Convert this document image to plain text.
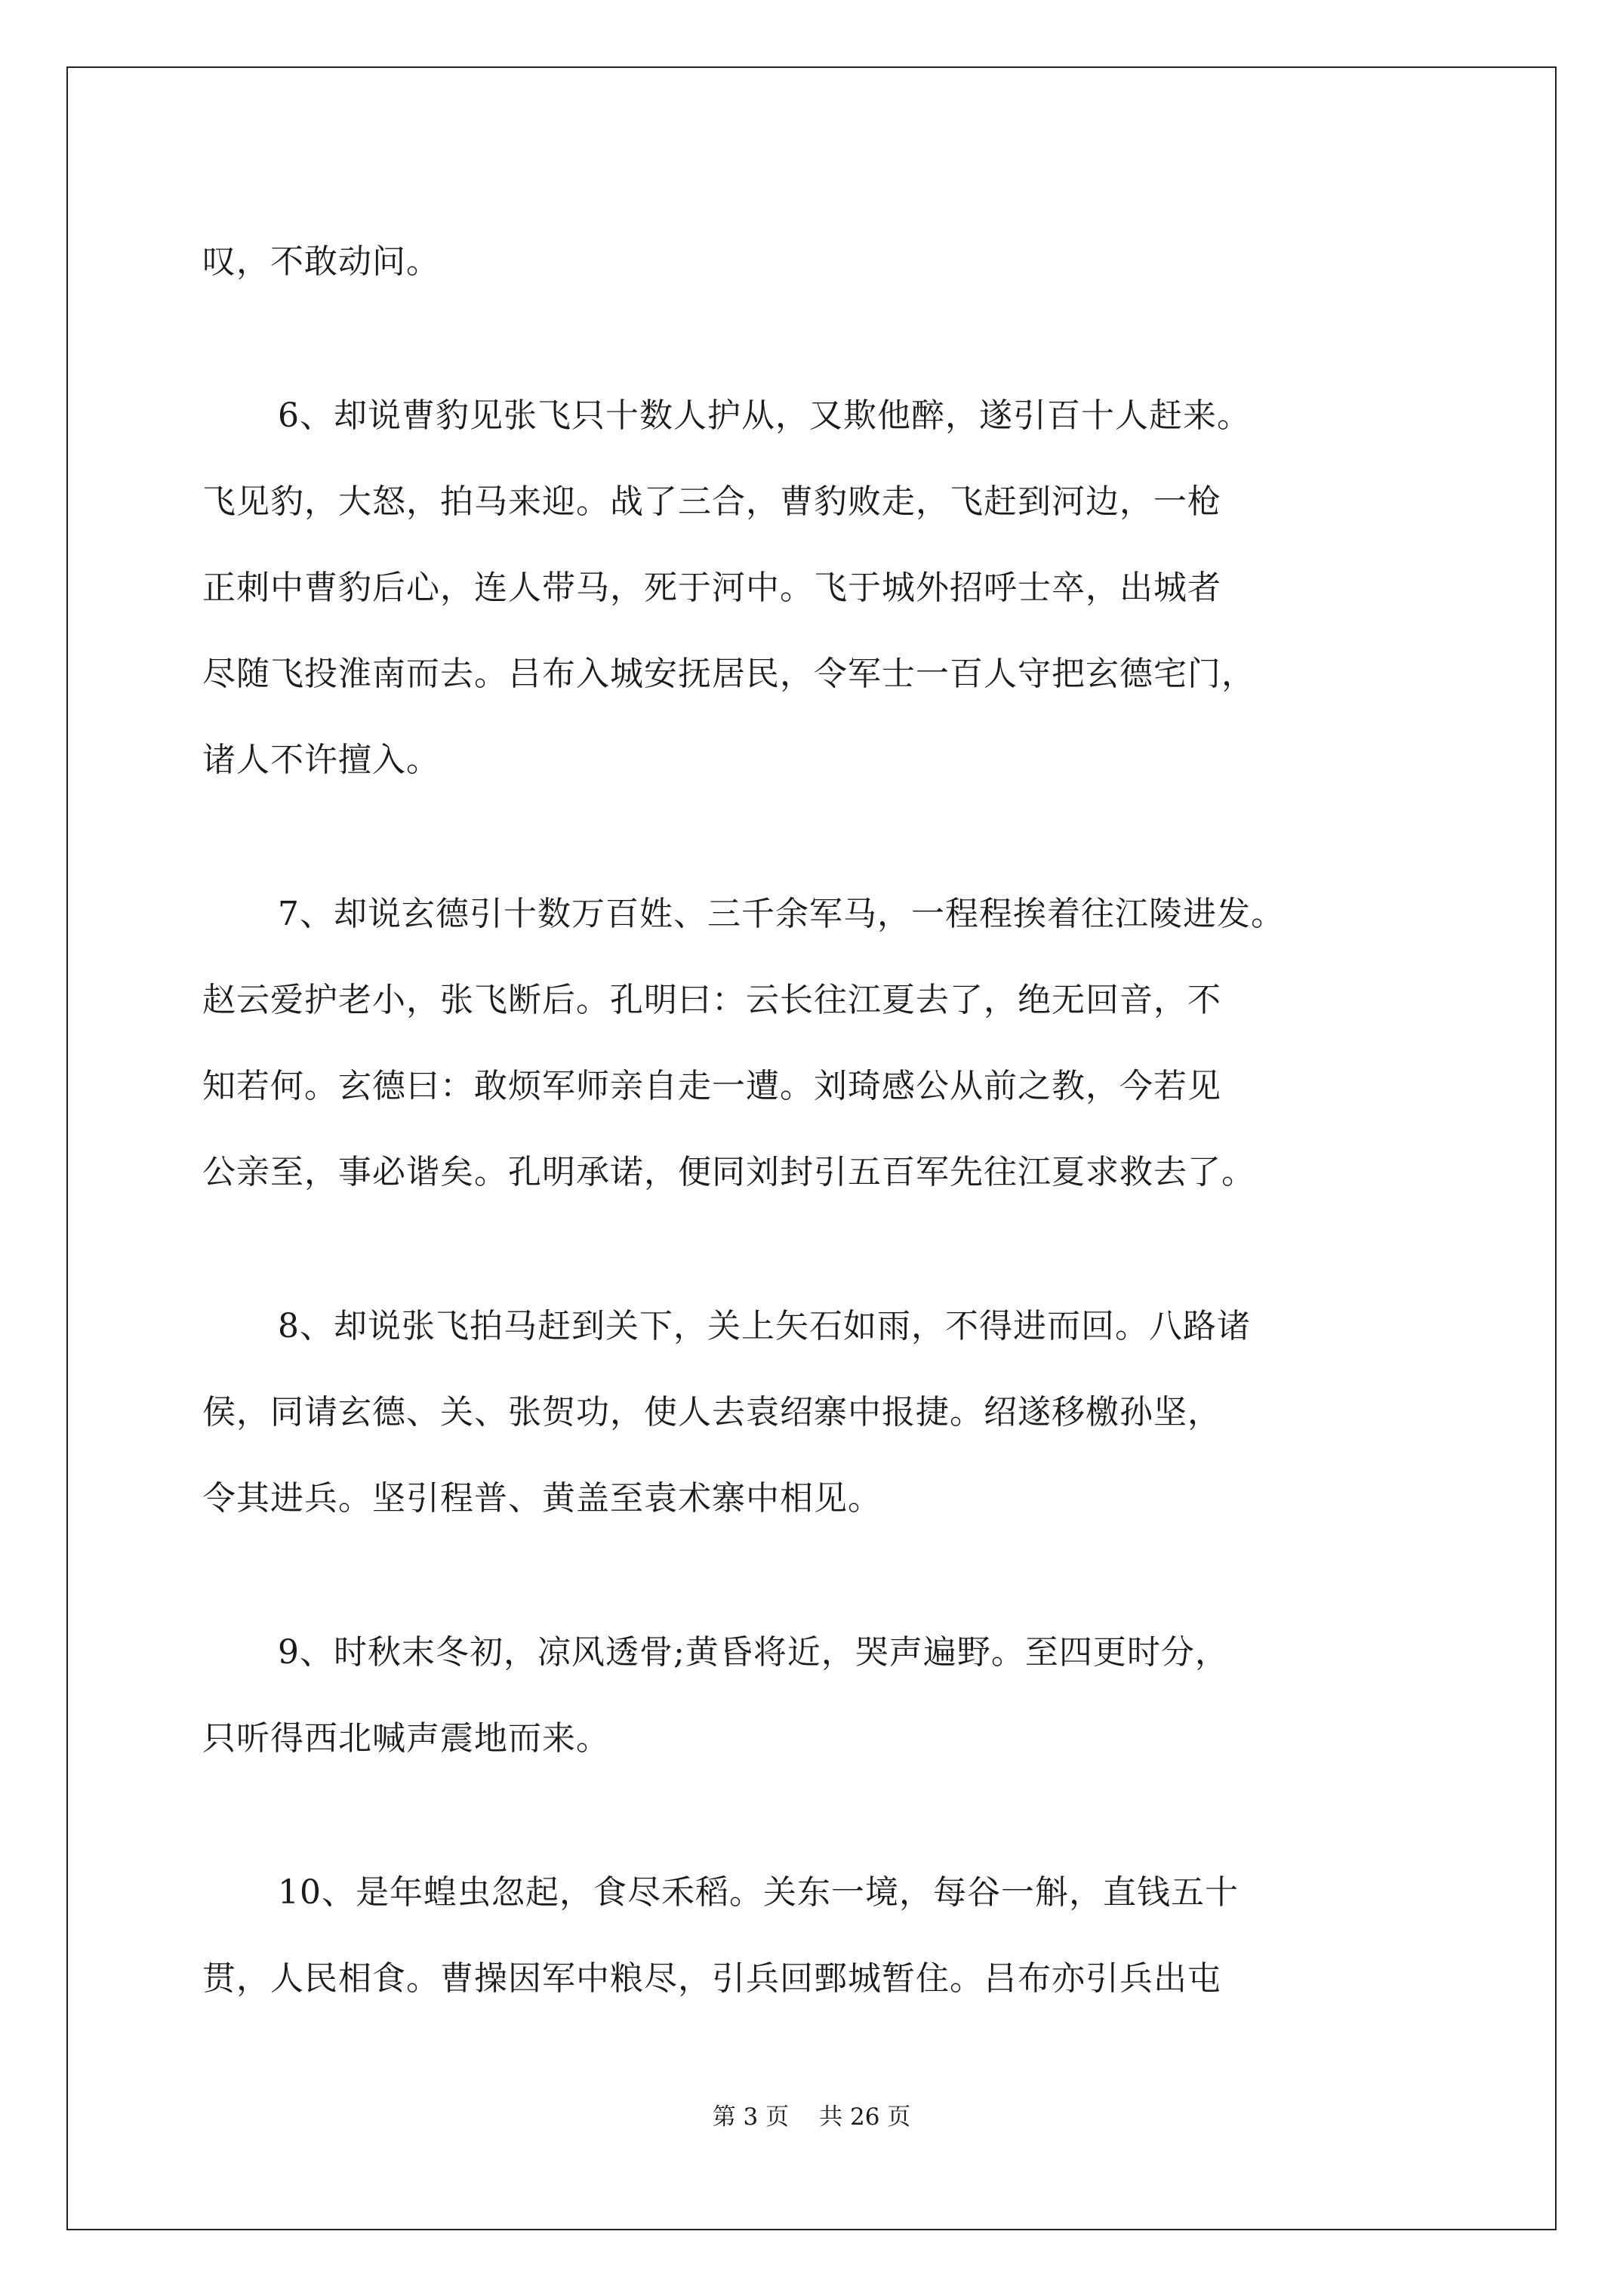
叹，不敢动问。
6、却说曹豹见张飞只十数人护从，又欺他醉，遂引百十人赶来。
飞见豹，大怒，拍马来迎。战了三合，曹豹败走，飞赶到河边，一枪
正刺中曹豹后心，连人带马，死于河中。飞于城外招呼士卒，出城者
尽随飞投淮南而去。吕布入城安抚居民，令军士一百人守把玄德宅门，
诸人不许擅入。
7、却说玄德引十数万百姓、三千余军马，一程程挨着往江陵进发。
赵云爱护老小，张飞断后。孔明曰：云长往江夏去了，绝无回音，不
知若何。玄德曰：敢烦军师亲自走一遭。刘琦感公从前之教，今若见
公亲至，事必谐矣。孔明承诺，便同刘封引五百军先往江夏求救去了。
8、却说张飞拍马赶到关下，关上矢石如雨，不得进而回。八路诸
侯，同请玄德、关、张贺功，使人去袁绍寨中报捷。绍遂移檄孙坚，
令其进兵。坚引程普、黄盖至袁术寨中相见。
9、时秋末冬初，凉风透骨;黄昏将近，哭声遍野。至四更时分，
只听得西北喊声震地而来。
10、是年蝗虫忽起，食尽禾稻。关东一境，每谷一斛，直钱五十
贯，人民相食。曹操因军中粮尽，引兵回鄄城暂住。吕布亦引兵出屯
第 3 页 共 26 页
